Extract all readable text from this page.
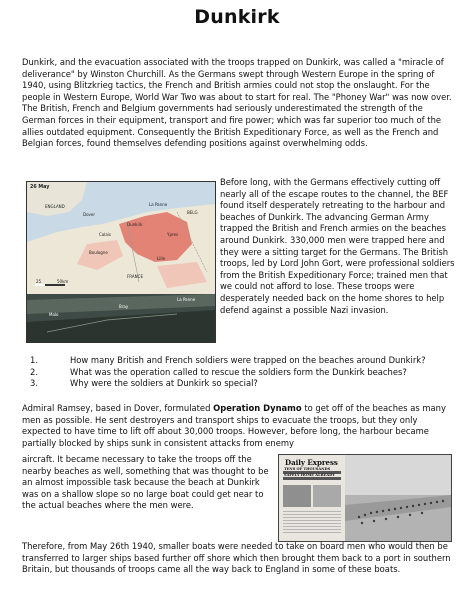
Dunkirk

Dunkirk, and the evacuation associated with the troops trapped on Dunkirk, was called a "miracle of deliverance" by Winston Churchill. As the Germans swept through Western Europe in the spring of 1940, using Blitzkrieg tactics, the French and British armies could not stop the onslaught. For the people in Western Europe, World War Two was about to start for real. The "Phoney War" was now over. The British, French and Belgium governments had seriously underestimated the strength of the German forces in their equipment, transport and fire power; which was far superior too much of the allies outdated equipment. Consequently the British Expeditionary Force, as well as the French and Belgian forces, found themselves defending positions against overwhelming odds.

26 May
ENGLAND
Dover
Calais
Dunkirk
Boulogne
La Panne
BELG
Ypres
Lille
FRANCE
25	50km
La Panne
Bray
Malo

Before long, with the Germans effectively cutting off nearly all of the escape routes to the channel, the BEF found itself desperately retreating to the harbour and beaches of Dunkirk. The advancing German Army trapped the British and French armies on the beaches around Dunkirk. 330,000 men were trapped here and they were a sitting target for the Germans. The British troops, led by Lord John Gort, were professional soldiers from the British Expeditionary Force; trained men that we could not afford to lose. These troops were desperately needed back on the home shores to help defend against a possible Nazi invasion.

1.	How many British and French soldiers were trapped on the beaches around Dunkirk?
2.	What was the operation called to rescue the soldiers form the Dunkirk beaches?
3.	Why were the soldiers at Dunkirk so special?

Admiral Ramsey, based in Dover, formulated Operation Dynamo to get off of the beaches as many men as possible. He sent destroyers and transport ships to evacuate the troops, but they only expected to have time to lift off about 30,000 troops. However, before long, the harbour became partially blocked by ships sunk in consistent attacks from enemy

aircraft. It became necessary to take the troops off the nearby beaches as well, something that was thought to be an almost impossible task because the beach at Dunkirk was on a shallow slope so no large boat could get near to the actual beaches where the men were.

Daily Express
TENS OF THOUSANDS
SAFELY HOME ALREADY

Therefore, from May 26th 1940, smaller boats were needed to take on board men who would then be transferred to larger ships based further off shore which then brought them back to a port in southern Britain, but thousands of troops came all the way back to England in some of these boats.
